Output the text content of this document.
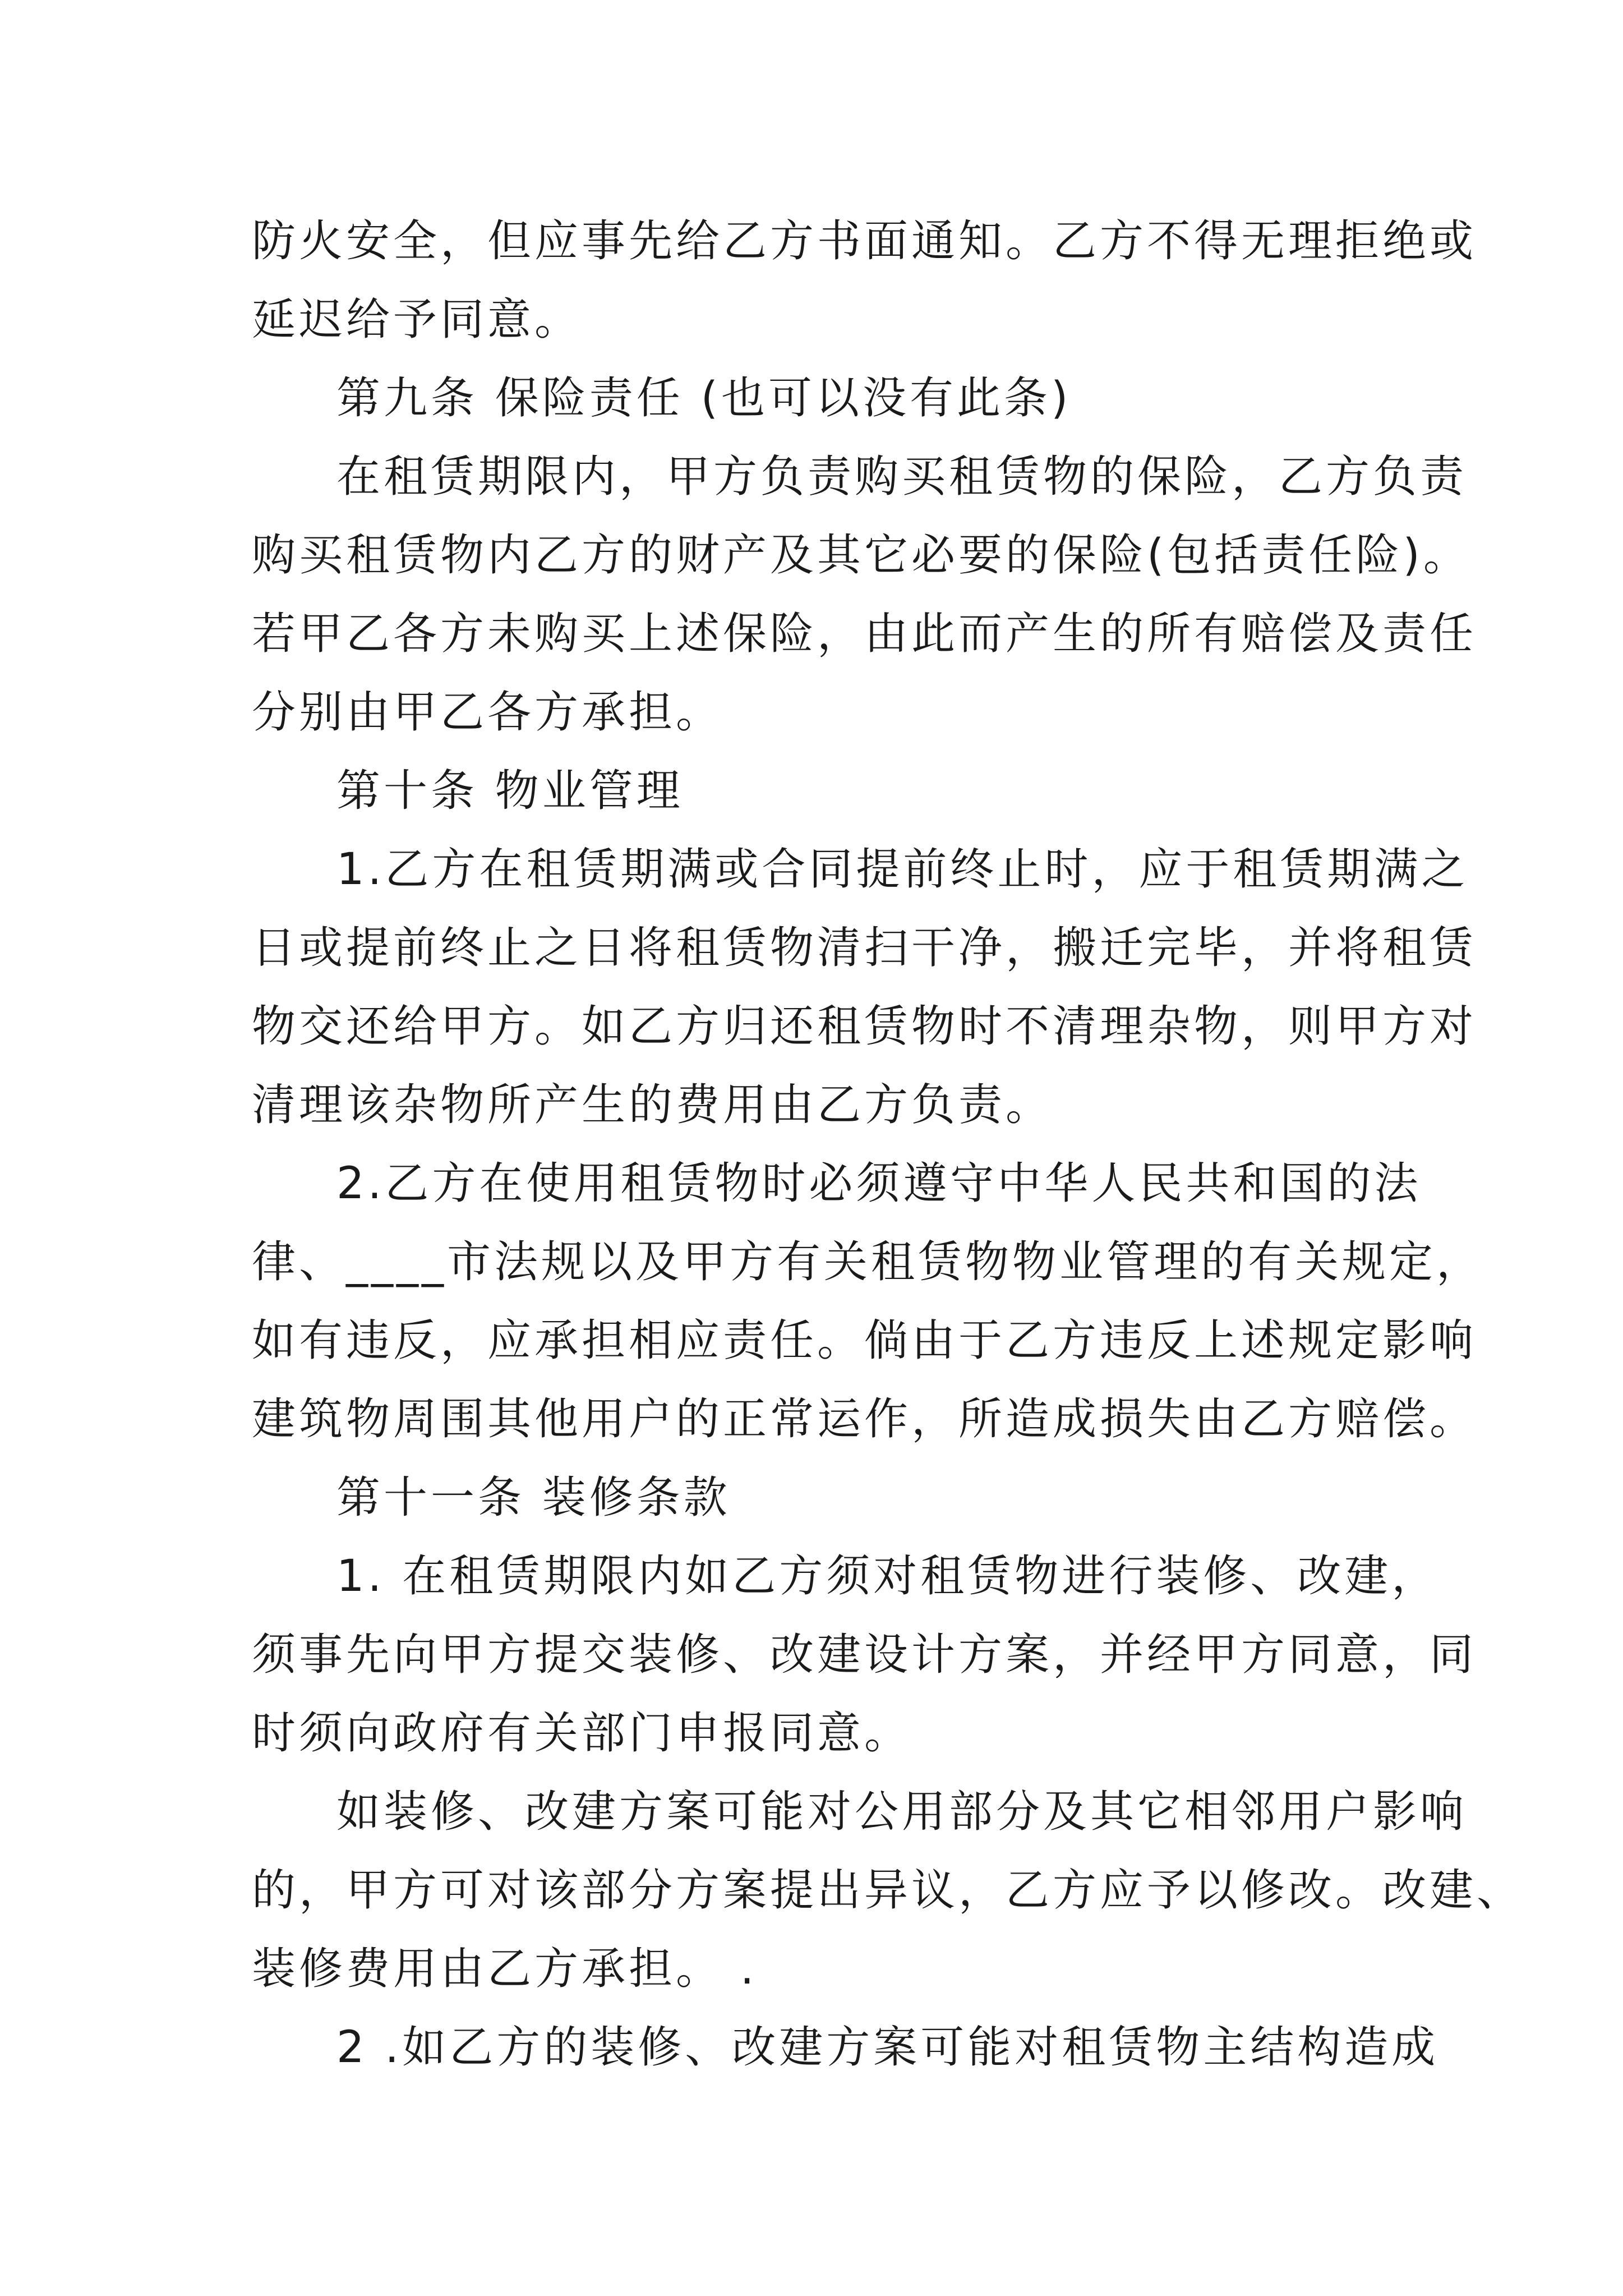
防火安全，但应事先给乙方书面通知。乙方不得无理拒绝或
延迟给予同意。
第九条 保险责任 (也可以没有此条)
在租赁期限内，甲方负责购买租赁物的保险，乙方负责
购买租赁物内乙方的财产及其它必要的保险(包括责任险)。
若甲乙各方未购买上述保险，由此而产生的所有赔偿及责任
分别由甲乙各方承担。
第十条 物业管理
1.乙方在租赁期满或合同提前终止时，应于租赁期满之
日或提前终止之日将租赁物清扫干净，搬迁完毕，并将租赁
物交还给甲方。如乙方归还租赁物时不清理杂物，则甲方对
清理该杂物所产生的费用由乙方负责。
2.乙方在使用租赁物时必须遵守中华人民共和国的法
律、____市法规以及甲方有关租赁物物业管理的有关规定，
如有违反，应承担相应责任。倘由于乙方违反上述规定影响
建筑物周围其他用户的正常运作，所造成损失由乙方赔偿。
第十一条 装修条款
1. 在租赁期限内如乙方须对租赁物进行装修、改建，
须事先向甲方提交装修、改建设计方案，并经甲方同意，同
时须向政府有关部门申报同意。
如装修、改建方案可能对公用部分及其它相邻用户影响
的，甲方可对该部分方案提出异议，乙方应予以修改。改建、
装修费用由乙方承担。 .
2 .如乙方的装修、改建方案可能对租赁物主结构造成
